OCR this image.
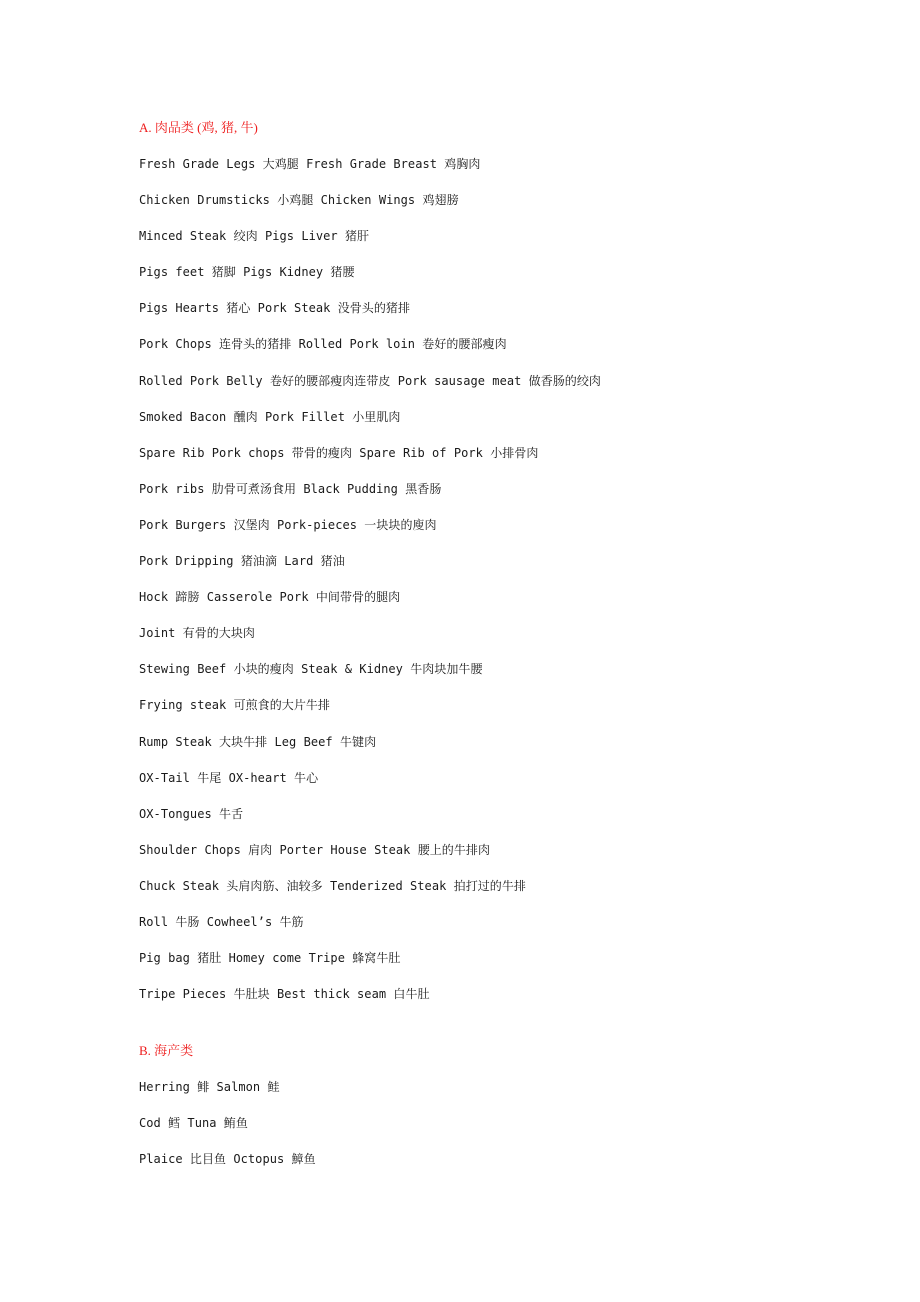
A. 肉品类 (鸡, 猪, 牛)
Fresh Grade Legs 大鸡腿 Fresh Grade Breast 鸡胸肉
Chicken Drumsticks 小鸡腿 Chicken Wings 鸡翅膀
Minced Steak 绞肉 Pigs Liver 猪肝
Pigs feet 猪脚 Pigs Kidney 猪腰
Pigs Hearts 猪心 Pork Steak 没骨头的猪排
Pork Chops 连骨头的猪排 Rolled Pork loin 卷好的腰部瘦肉
Rolled Pork Belly 卷好的腰部瘦肉连带皮 Pork sausage meat 做香肠的绞肉
Smoked Bacon 醺肉 Pork Fillet 小里肌肉
Spare Rib Pork chops 带骨的瘦肉 Spare Rib of Pork 小排骨肉
Pork ribs 肋骨可煮汤食用 Black Pudding 黑香肠
Pork Burgers 汉堡肉 Pork-pieces 一块块的廋肉
Pork Dripping 猪油滴 Lard 猪油
Hock 蹄膀 Casserole Pork 中间带骨的腿肉
Joint 有骨的大块肉
Stewing Beef 小块的瘦肉 Steak & Kidney 牛肉块加牛腰
Frying steak 可煎食的大片牛排
Rump Steak 大块牛排 Leg Beef 牛键肉
OX-Tail 牛尾 OX-heart 牛心
OX-Tongues 牛舌
Shoulder Chops 肩肉 Porter House Steak 腰上的牛排肉
Chuck Steak 头肩肉筋、油较多 Tenderized Steak 拍打过的牛排
Roll 牛肠 Cowheel’s 牛筋
Pig bag 猪肚 Homey come Tripe 蜂窝牛肚
Tripe Pieces 牛肚块 Best thick seam 白牛肚
B. 海产类
Herring 鲱 Salmon 鲑
Cod 鳕 Tuna 鲔鱼
Plaice 比目鱼 Octopus 鱆鱼
